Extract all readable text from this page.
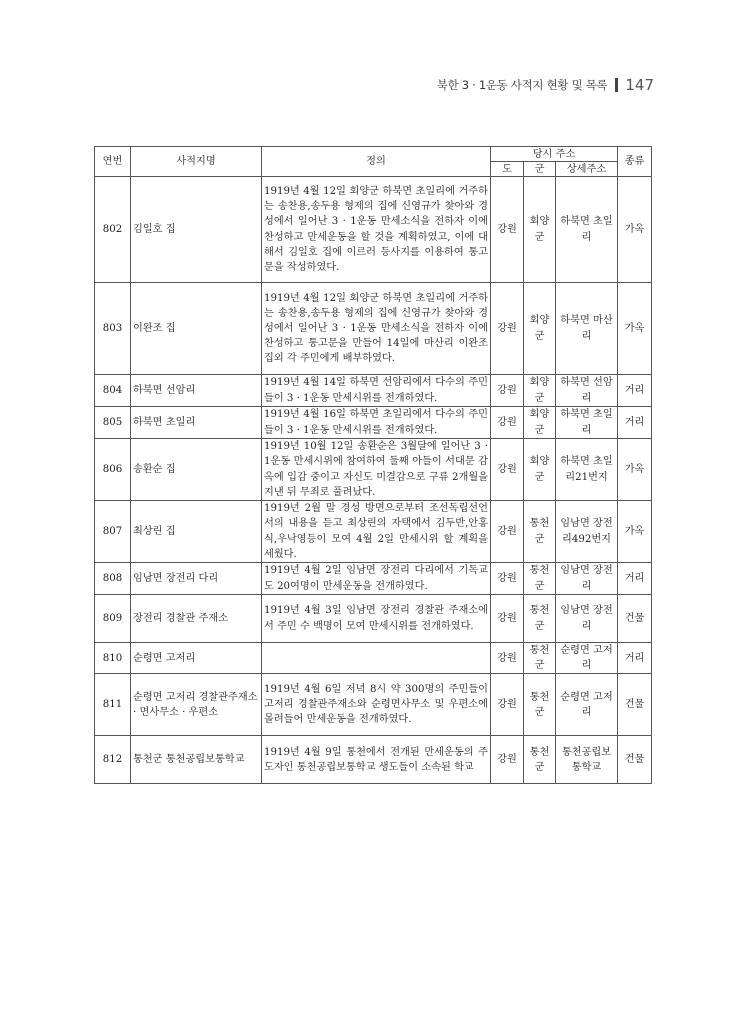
북한 3 · 1운동 사적지 현황 및 목록 147
연번	사적지명	정의	당시 주소			종류
			도	군	상세주소	
802	김일호 집	1919년 4월 12일 회양군 하북면 초일리에 거주하는 송찬용,송두용 형제의 집에 신영규가 찾아와 경성에서 일어난 3 · 1운동 만세소식을 전하자 이에 찬성하고 만세운동을 할 것을 계획하였고, 이에 대해서 김일호 집에 이르러 등사지를 이용하여 통고문을 작성하였다.	강원	회양군	하북면 초일리	가옥
803	이완조 집	1919년 4월 12일 회양군 하북면 초일리에 거주하는 송찬용,송두용 형제의 집에 신영규가 찾아와 경성에서 일어난 3 · 1운동 만세소식을 전하자 이에 찬성하고 통고문을 만들어 14일에 마산리 이완조 집외 각 주민에게 배부하였다.	강원	회양군	하북면 마산리	가옥
804	하북면 선암리	1919년 4월 14일 하북면 선암리에서 다수의 주민들이 3 · 1운동 만세시위를 전개하였다.	강원	회양군	하북면 선암리	거리
805	하북면 초일리	1919년 4월 16일 하북면 초일리에서 다수의 주민들이 3 · 1운동 만세시위를 전개하였다.	강원	회양군	하북면 초일리	거리
806	송환순 집	1919년 10월 12일 송환순은 3월달에 일어난 3 · 1운동 만세시위에 참여하여 둘째 아들이 서대문 감옥에 입감 중이고 자신도 미결감으로 구류 2개월을 지낸 뒤 무죄로 풀려났다.	강원	회양군	하북면 초일리21번지	가옥
807	최상린 집	1919년 2월 말 경성 방면으로부터 조선독립선언서의 내용을 듣고 최상린의 자택에서 김두반,안홍식,우낙영등이 모여 4월 2일 만세시위 할 계획을 세웠다.	강원	통천군	임남면 장전리492번지	가옥
808	임남면 장전리 다리	1919년 4월 2일 임남면 장전리 다리에서 기독교도 20여명이 만세운동을 전개하였다.	강원	통천군	임남면 장전리	거리
809	장전리 경찰관 주재소	1919년 4월 3일 임남면 장전리 경찰관 주재소에서 주민 수 백명이 모여 만세시위를 전개하였다.	강원	통천군	임남면 장전리	건물
810	순령면 고저리		강원	통천군	순령면 고저리	거리
811	순령면 고저리 경찰관주재소 · 면사무소 · 우편소	1919년 4월 6일 저녁 8시 약 300명의 주민들이 고저리 경찰관주재소와 순령면사무소 및 우편소에 몰려들어 만세운동을 전개하였다.	강원	통천군	순령면 고저리	건물
812	통천군 통천공립보통학교	1919년 4월 9일 통천에서 전개된 만세운동의 주도자인 통천공립보통학교 생도들이 소속된 학교	강원	통천군	통천공립보통학교	건물
